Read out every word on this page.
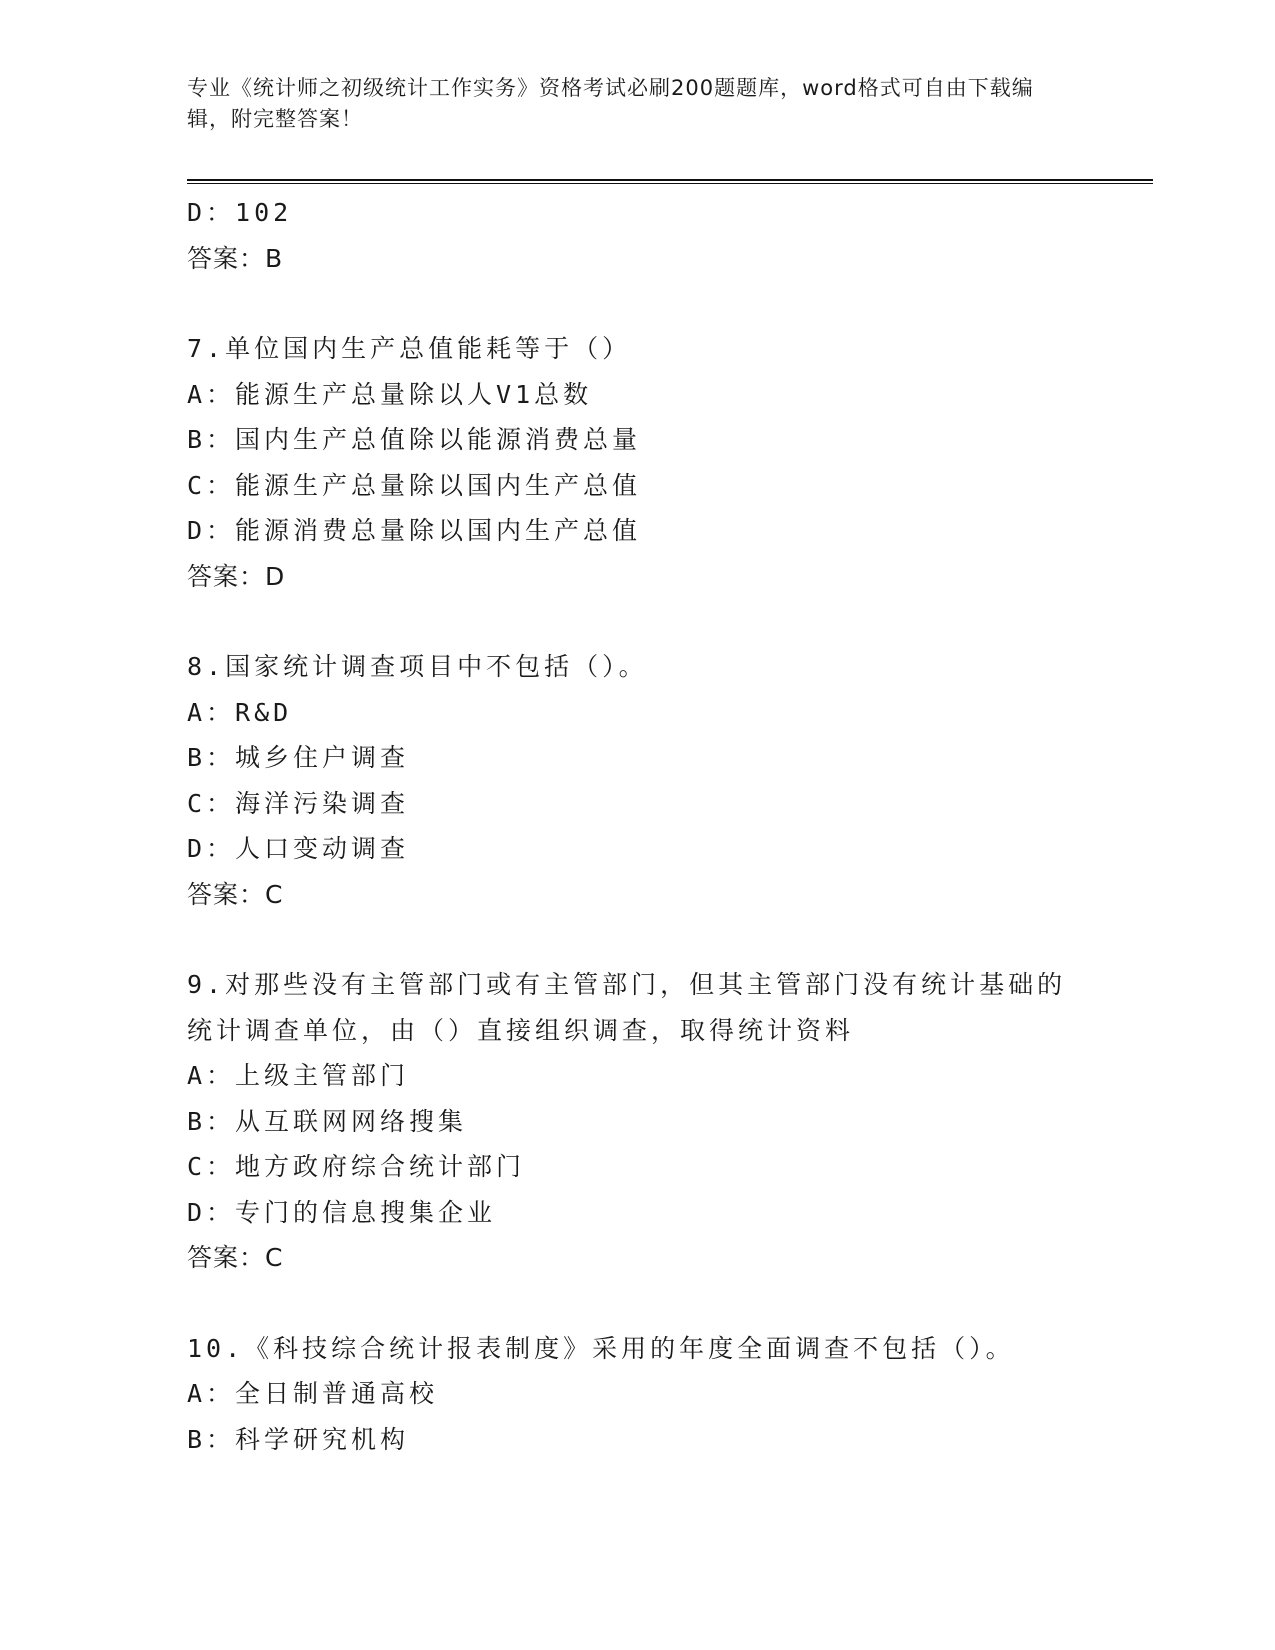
专业《统计师之初级统计工作实务》资格考试必刷200题题库，word格式可自由下载编辑，附完整答案！
D：102
答案：B
7.单位国内生产总值能耗等于（）
A：能源生产总量除以人V1总数
B：国内生产总值除以能源消费总量
C：能源生产总量除以国内生产总值
D：能源消费总量除以国内生产总值
答案：D
8.国家统计调查项目中不包括（）。
A：R&D
B：城乡住户调查
C：海洋污染调查
D：人口变动调查
答案：C
9.对那些没有主管部门或有主管部门，但其主管部门没有统计基础的
统计调查单位，由（）直接组织调查，取得统计资料
A：上级主管部门
B：从互联网网络搜集
C：地方政府综合统计部门
D：专门的信息搜集企业
答案：C
10.《科技综合统计报表制度》采用的年度全面调查不包括（）。
A：全日制普通高校
B：科学研究机构
